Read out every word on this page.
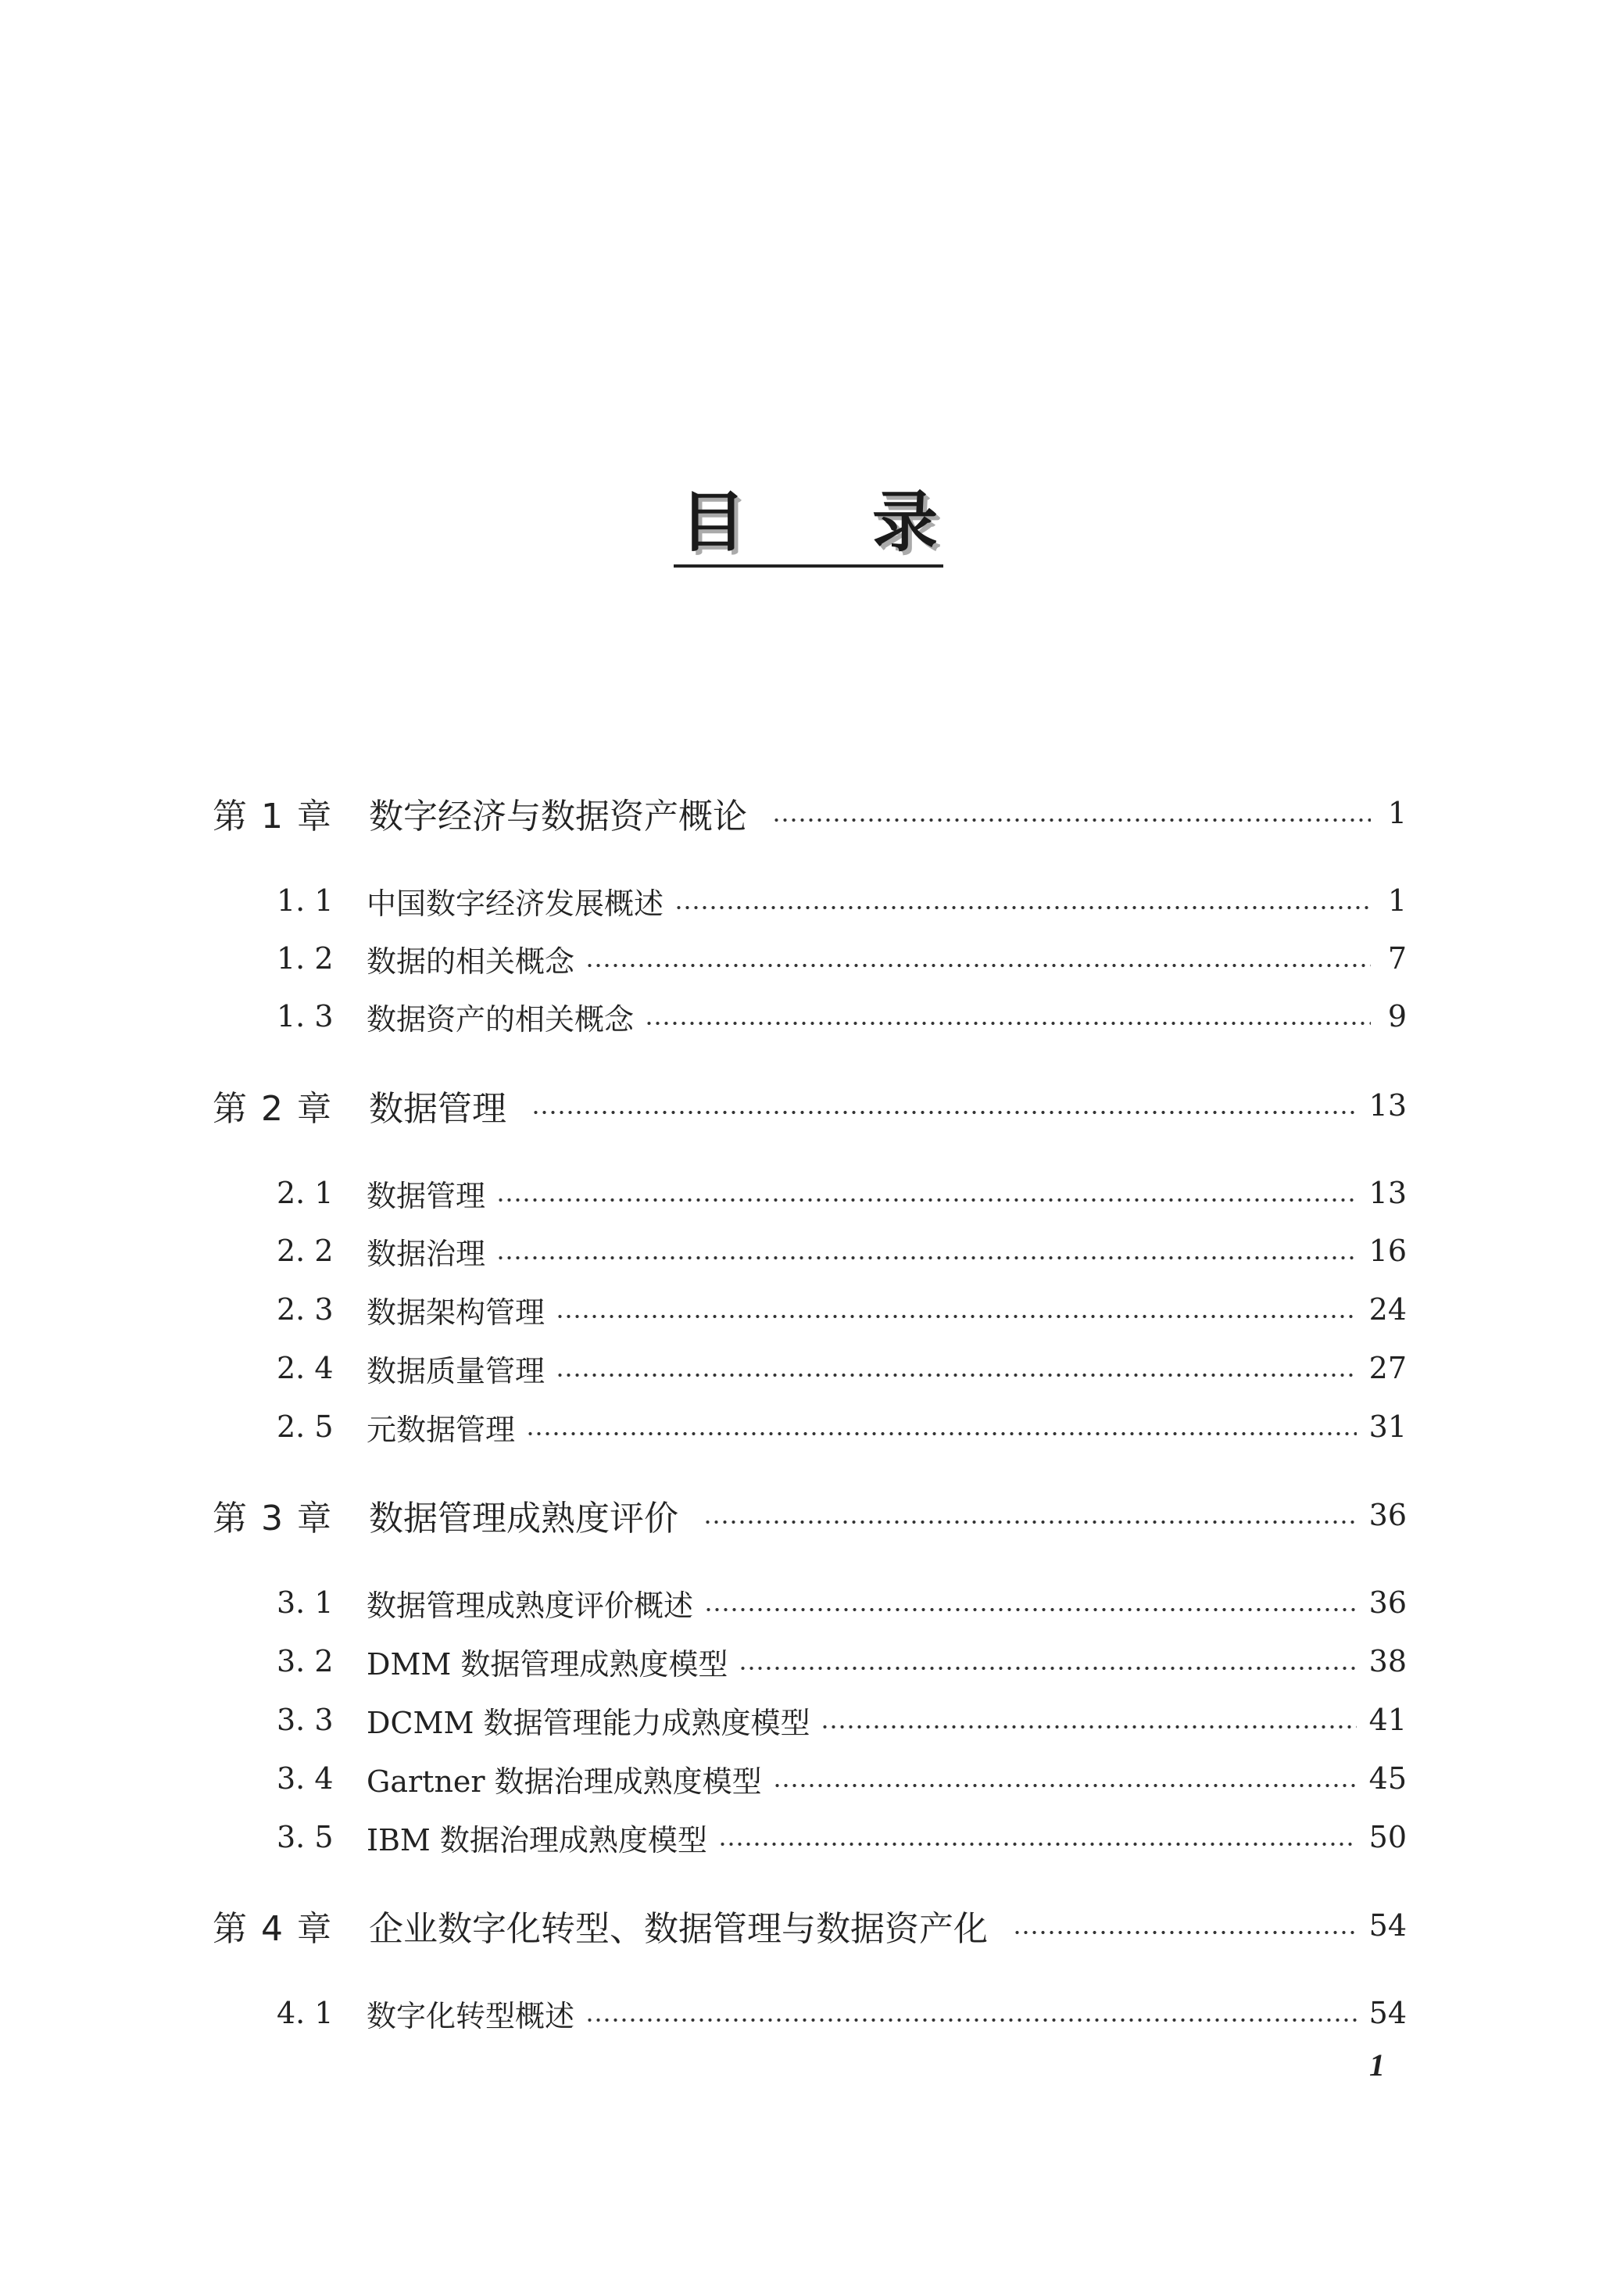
目 录
第 1 章	数字经济与数据资产概论	1
1. 1	中国数字经济发展概述	1
1. 2	数据的相关概念	7
1. 3	数据资产的相关概念	9
第 2 章	数据管理	13
2. 1	数据管理	13
2. 2	数据治理	16
2. 3	数据架构管理	24
2. 4	数据质量管理	27
2. 5	元数据管理	31
第 3 章	数据管理成熟度评价	36
3. 1	数据管理成熟度评价概述	36
3. 2	DMM 数据管理成熟度模型	38
3. 3	DCMM 数据管理能力成熟度模型	41
3. 4	Gartner 数据治理成熟度模型	45
3. 5	IBM 数据治理成熟度模型	50
第 4 章	企业数字化转型、数据管理与数据资产化	54
4. 1	数字化转型概述	54
1
